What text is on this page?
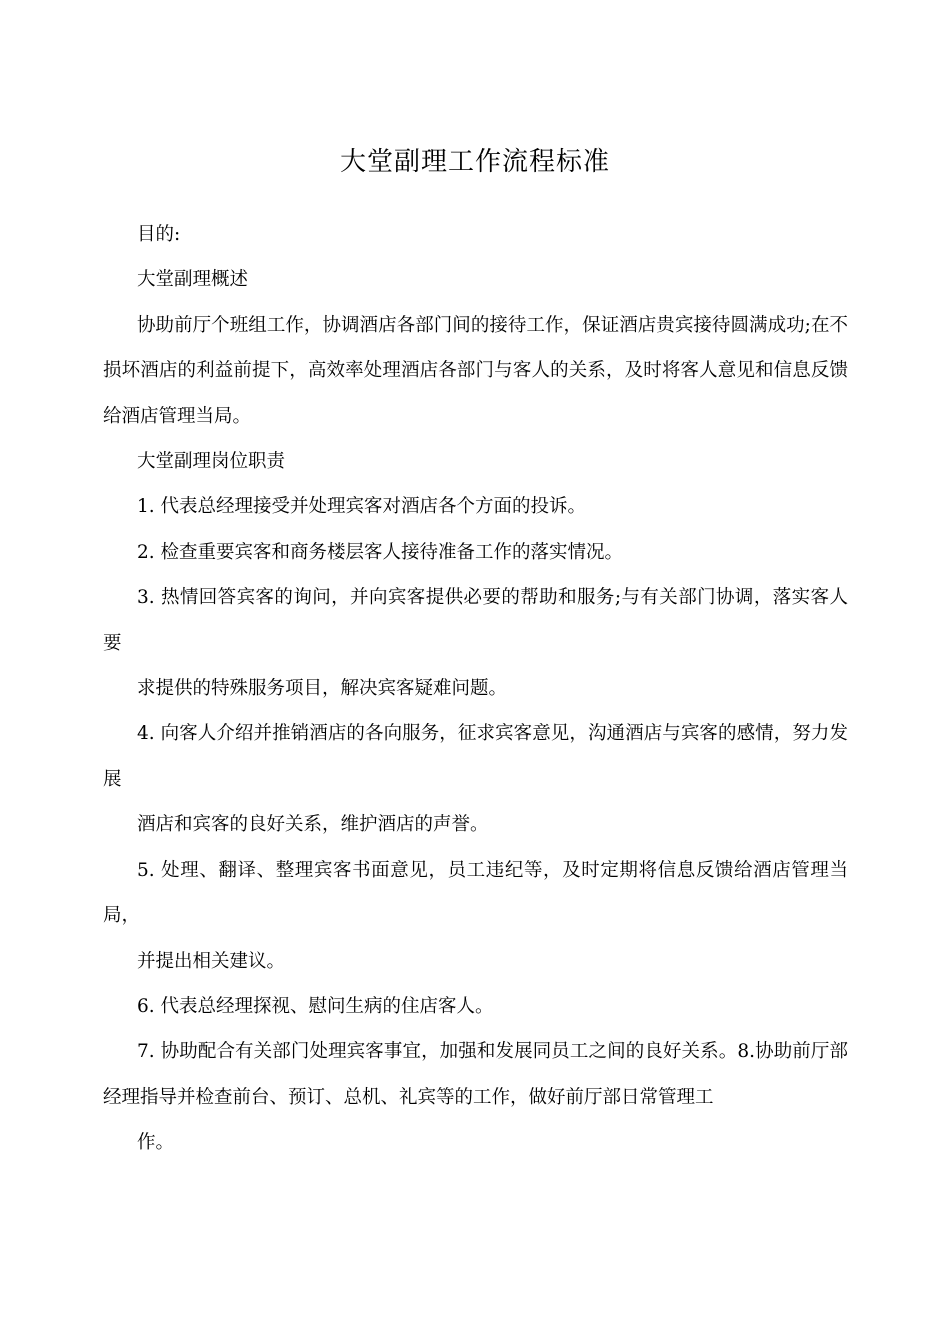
大堂副理工作流程标准

目的:

大堂副理概述

协助前厅个班组工作，协调酒店各部门间的接待工作，保证酒店贵宾接待圆满成功;在不损坏酒店的利益前提下，高效率处理酒店各部门与客人的关系，及时将客人意见和信息反馈给酒店管理当局。

大堂副理岗位职责

1. 代表总经理接受并处理宾客对酒店各个方面的投诉。

2. 检查重要宾客和商务楼层客人接待准备工作的落实情况。

3. 热情回答宾客的询问，并向宾客提供必要的帮助和服务;与有关部门协调，落实客人要

求提供的特殊服务项目，解决宾客疑难问题。

4. 向客人介绍并推销酒店的各向服务，征求宾客意见，沟通酒店与宾客的感情，努力发展

酒店和宾客的良好关系，维护酒店的声誉。

5. 处理、翻译、整理宾客书面意见，员工违纪等，及时定期将信息反馈给酒店管理当局，

并提出相关建议。

6. 代表总经理探视、慰问生病的住店客人。

7. 协助配合有关部门处理宾客事宜，加强和发展同员工之间的良好关系。8.协助前厅部经理指导并检查前台、预订、总机、礼宾等的工作，做好前厅部日常管理工

作。
